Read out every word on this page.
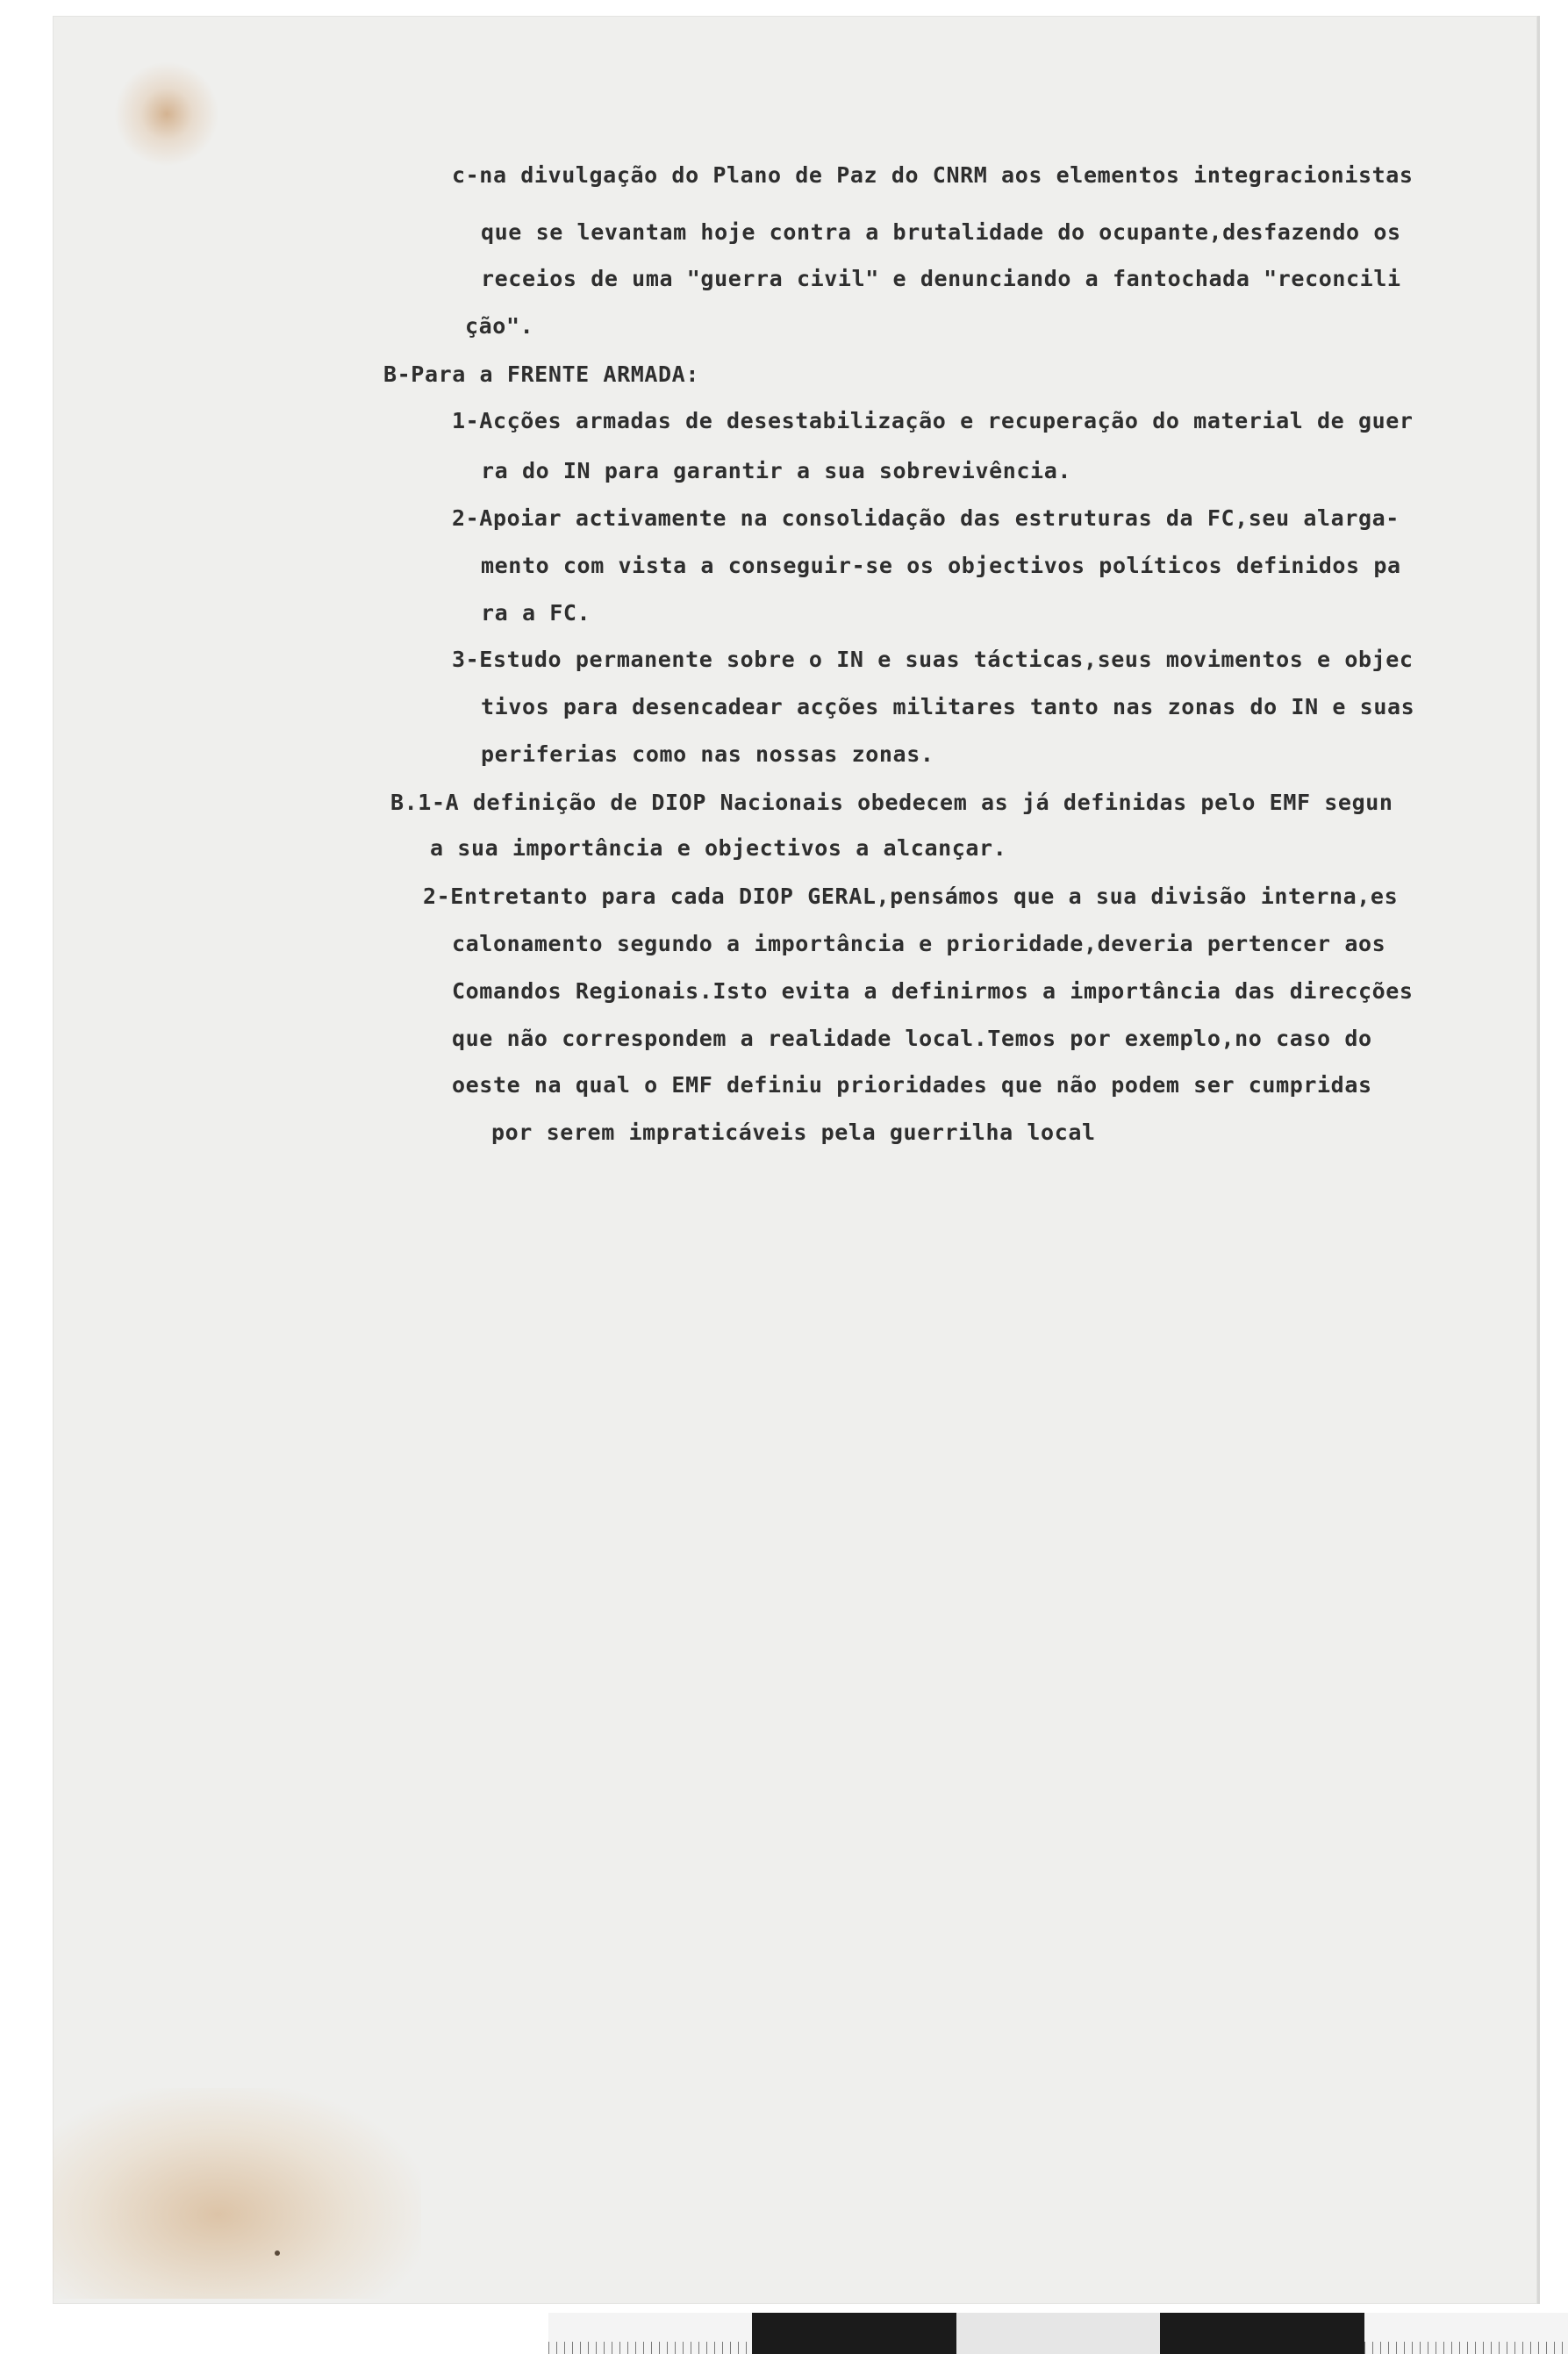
c-na divulgação do Plano de Paz do CNRM aos elementos integracionistas
que se levantam hoje contra a brutalidade do ocupante,desfazendo os
receios de uma "guerra civil" e denunciando a fantochada "reconcili
ção".
B-Para a FRENTE ARMADA:
1-Acções armadas de desestabilização e recuperação do material de guer
ra do IN para garantir a sua sobrevivência.
2-Apoiar activamente na consolidação das estruturas da FC,seu alarga-
mento com vista a conseguir-se os objectivos políticos definidos pa
ra a FC.
3-Estudo permanente sobre o IN e suas tácticas,seus movimentos e objec
tivos para desencadear acções militares tanto nas zonas do IN e suas
periferias como nas nossas zonas.
B.1-A definição de DIOP Nacionais obedecem as já definidas pelo EMF segun
a sua importância e objectivos a alcançar.
2-Entretanto para cada DIOP GERAL,pensámos que a sua divisão interna,es
calonamento segundo a importância e prioridade,deveria pertencer aos
Comandos Regionais.Isto evita a definirmos a importância das direcções
que não correspondem a realidade local.Temos por exemplo,no caso do
oeste na qual o EMF definiu prioridades que não podem ser cumpridas
por serem impraticáveis pela guerrilha local
